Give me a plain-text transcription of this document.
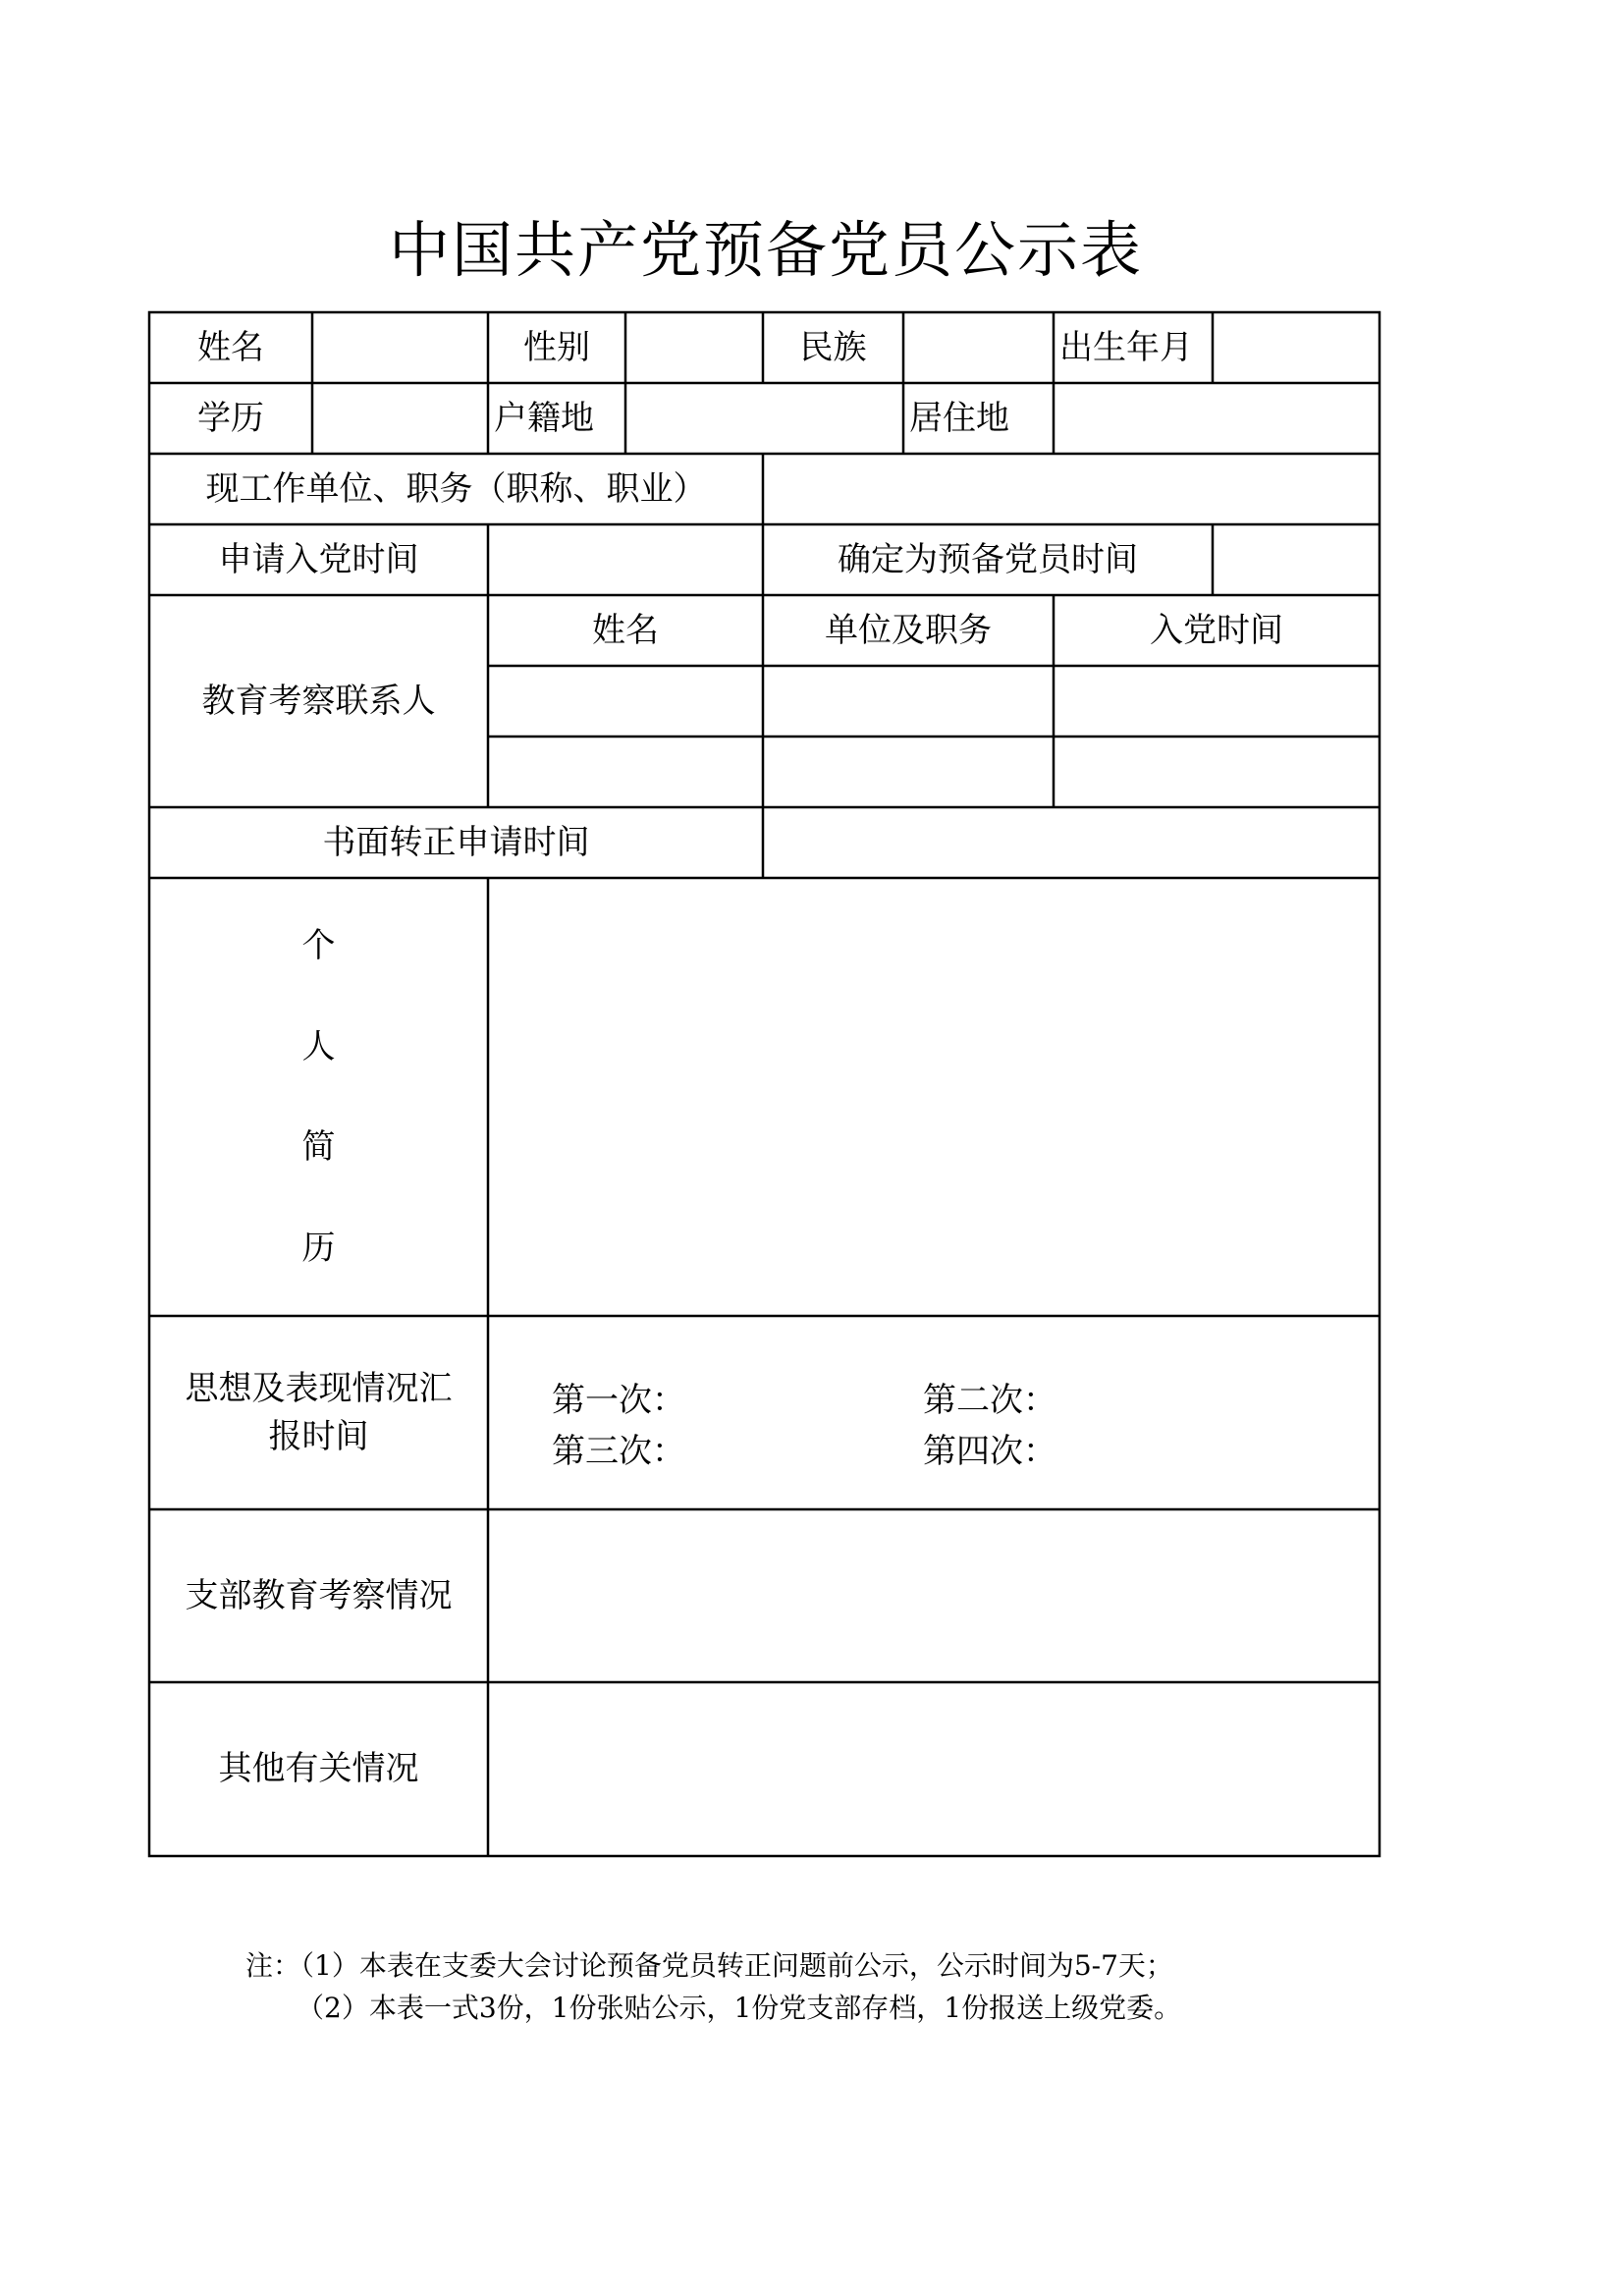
中国共产党预备党员公示表
姓名	性别	民族	出生年月
学历	户籍地	居住地
现工作单位、职务（职称、职业）
申请入党时间	确定为预备党员时间
教育考察联系人
姓名	单位及职务	入党时间
书面转正申请时间
个
人
简
历
思想及表现情况汇
报时间
第一次：	第二次：
第三次：	第四次：
支部教育考察情况
其他有关情况
注：（1）本表在支委大会讨论预备党员转正问题前公示，公示时间为5-7天；
（2）本表一式3份，1份张贴公示，1份党支部存档，1份报送上级党委。
